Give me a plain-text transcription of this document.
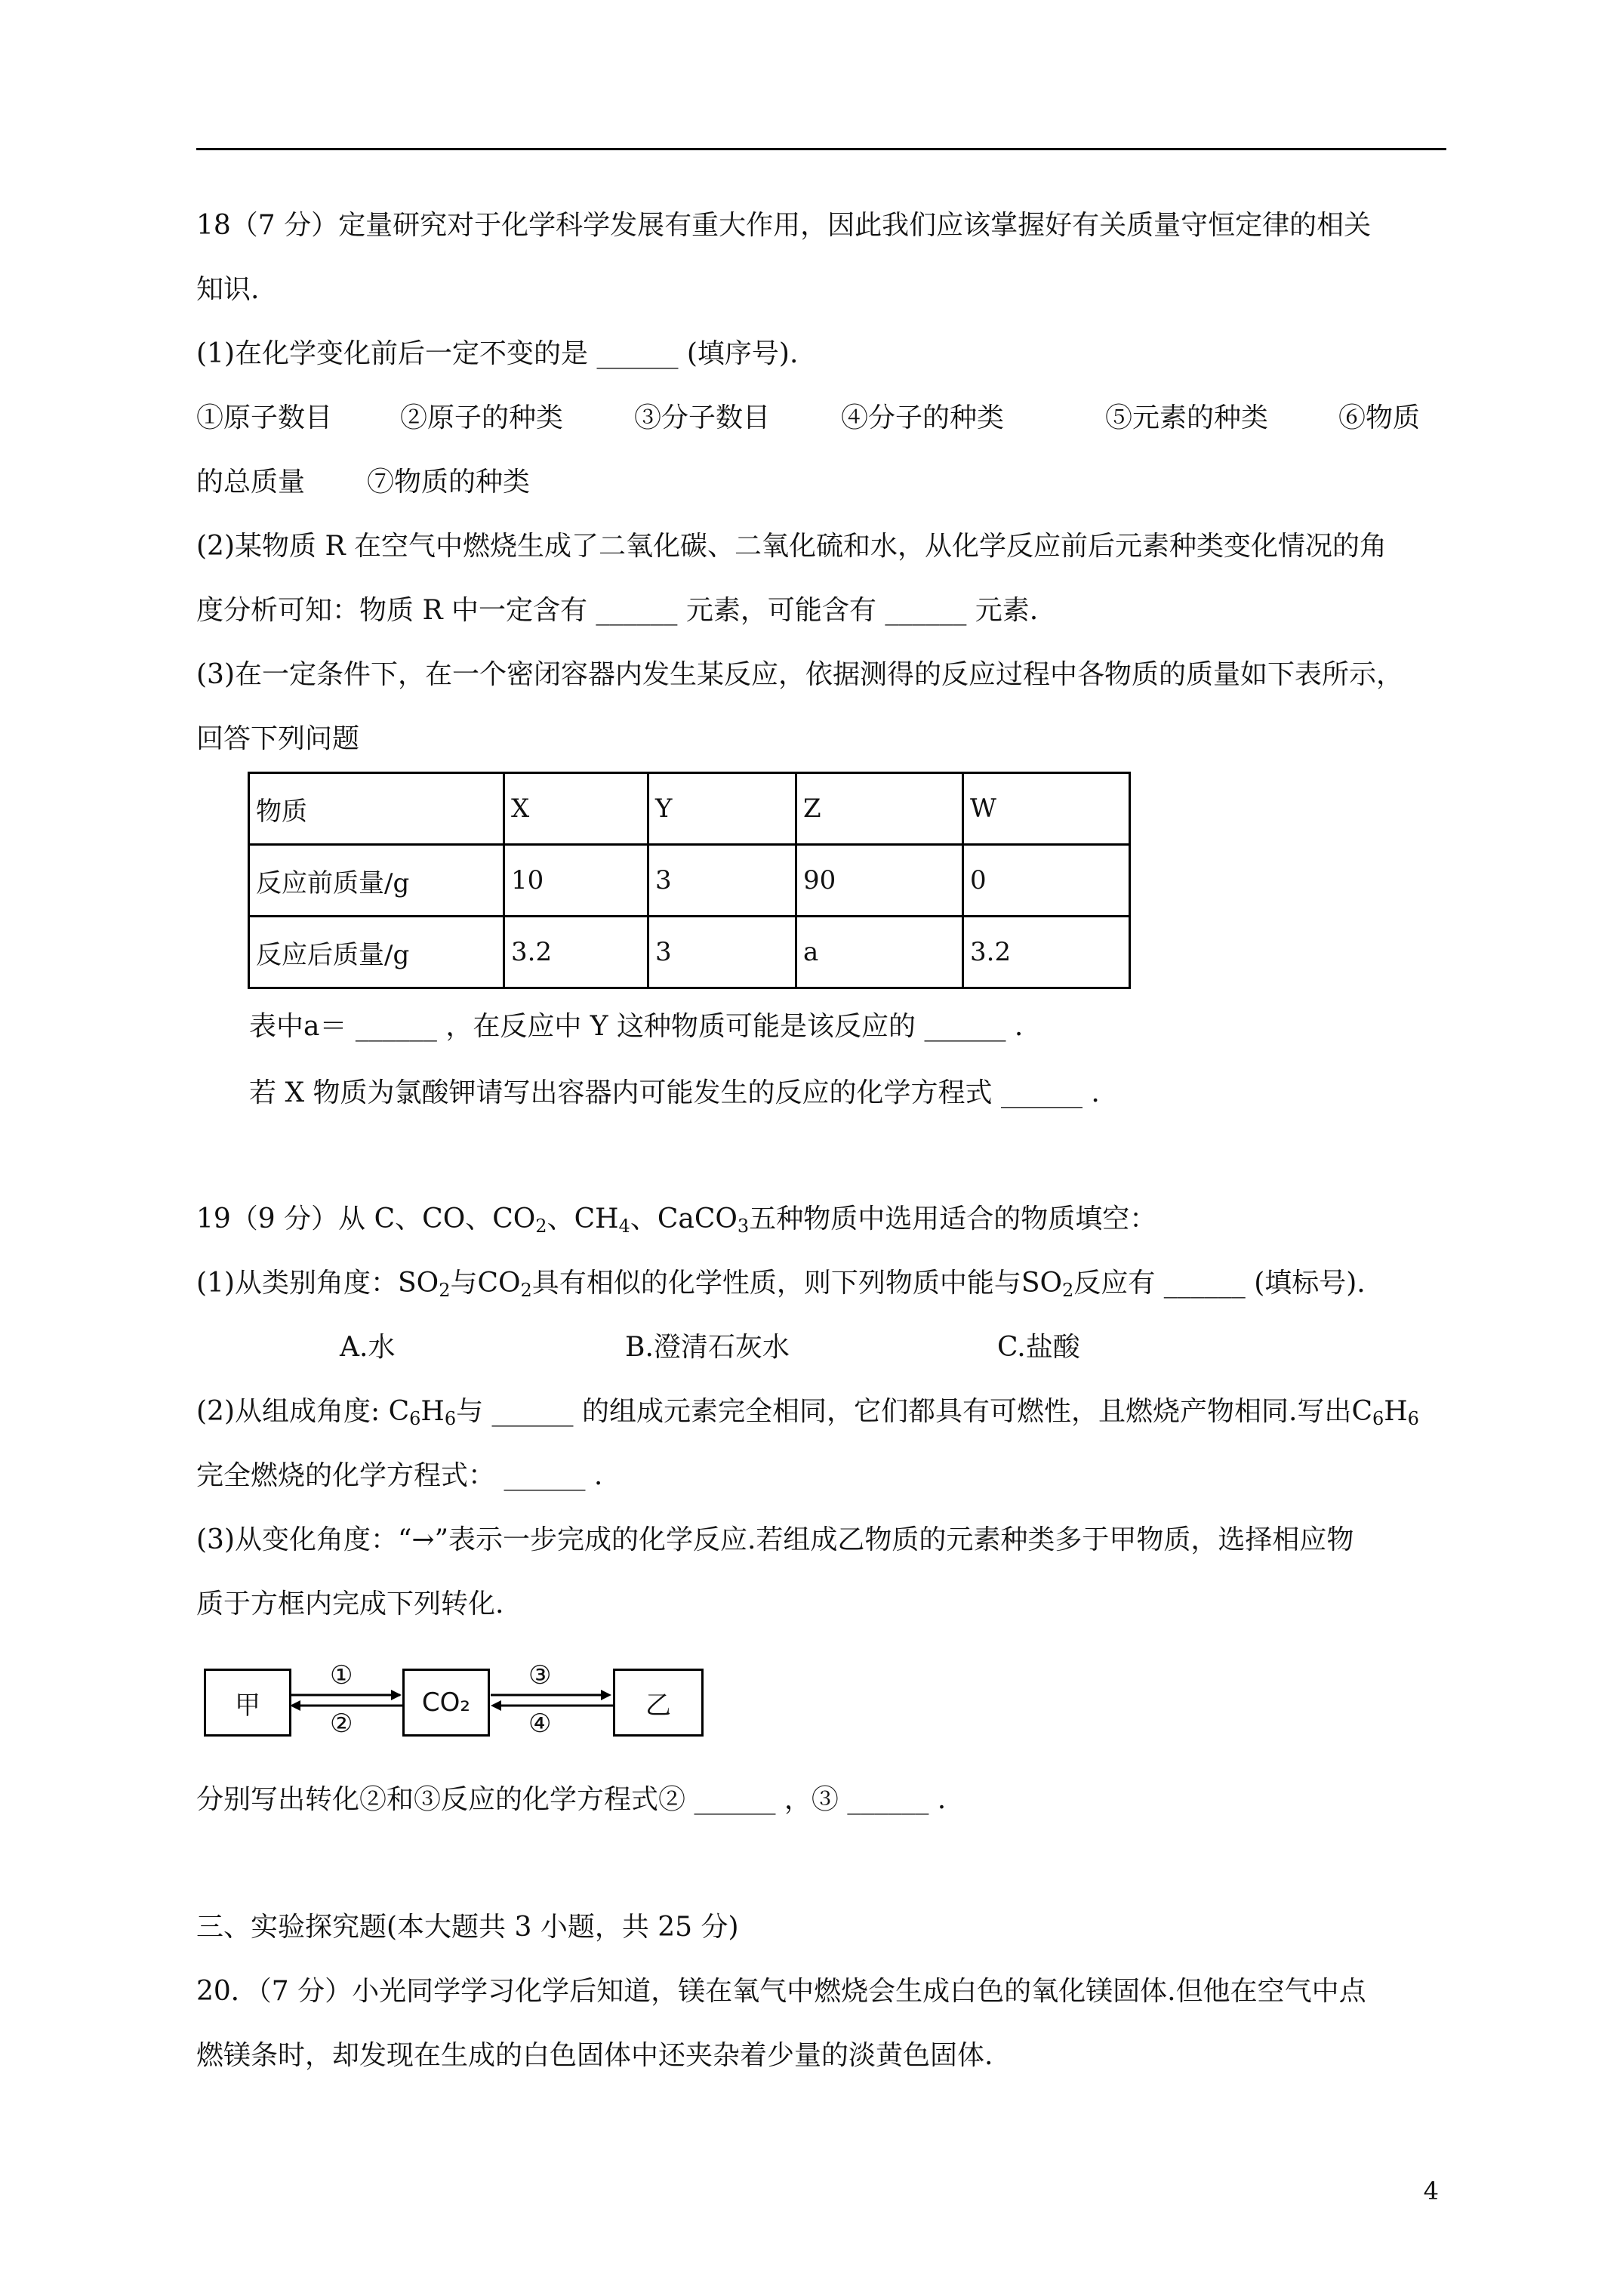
18（7 分）定量研究对于化学科学发展有重大作用，因此我们应该掌握好有关质量守恒定律的相关
知识.
(1)在化学变化前后一定不变的是 ______ (填序号).
①原子数目 ②原子的种类	③分子数目	④分子的种类	⑤元素的种类	⑥物质
的总质量 ⑦物质的种类
(2)某物质 R 在空气中燃烧生成了二氧化碳、二氧化硫和水，从化学反应前后元素种类变化情况的角
度分析可知：物质 R 中一定含有 ______ 元素，可能含有 ______ 元素.
(3)在一定条件下，在一个密闭容器内发生某反应，依据测得的反应过程中各物质的质量如下表所示，
回答下列问题
物质	X	Y	Z	W
反应前质量/g	10	3	90	0
反应后质量/g	3.2	3	a	3.2
表中a＝ ______ ，在反应中 Y 这种物质可能是该反应的 ______ .
若 X 物质为氯酸钾请写出容器内可能发生的反应的化学方程式 ______ .
19（9 分）从 C、CO、$CO_2$、$CH_4$、CaCO$_3$五种物质中选用适合的物质填空：
(1)从类别角度：$SO_2$与$CO_2$具有相似的化学性质，则下列物质中能与$SO_2$反应有 ______ (填标号).
A.水	B.澄清石灰水	C.盐酸
(2)从组成角度: $C_6H_6$与 ______ 的组成元素完全相同，它们都具有可燃性，且燃烧产物相同.写出$C_6H_6$
完全燃烧的化学方程式： ______ .
(3)从变化角度：“→”表示一步完成的化学反应.若组成乙物质的元素种类多于甲物质，选择相应物
质于方框内完成下列转化.
甲	CO₂	乙
①
②
③
④
分别写出转化②和③反应的化学方程式② ______ ，③ ______ .
三、实验探究题(本大题共 3 小题，共 25 分)
20．（7 分）小光同学学习化学后知道，镁在氧气中燃烧会生成白色的氧化镁固体.但他在空气中点
燃镁条时，却发现在生成的白色固体中还夹杂着少量的淡黄色固体.
4
